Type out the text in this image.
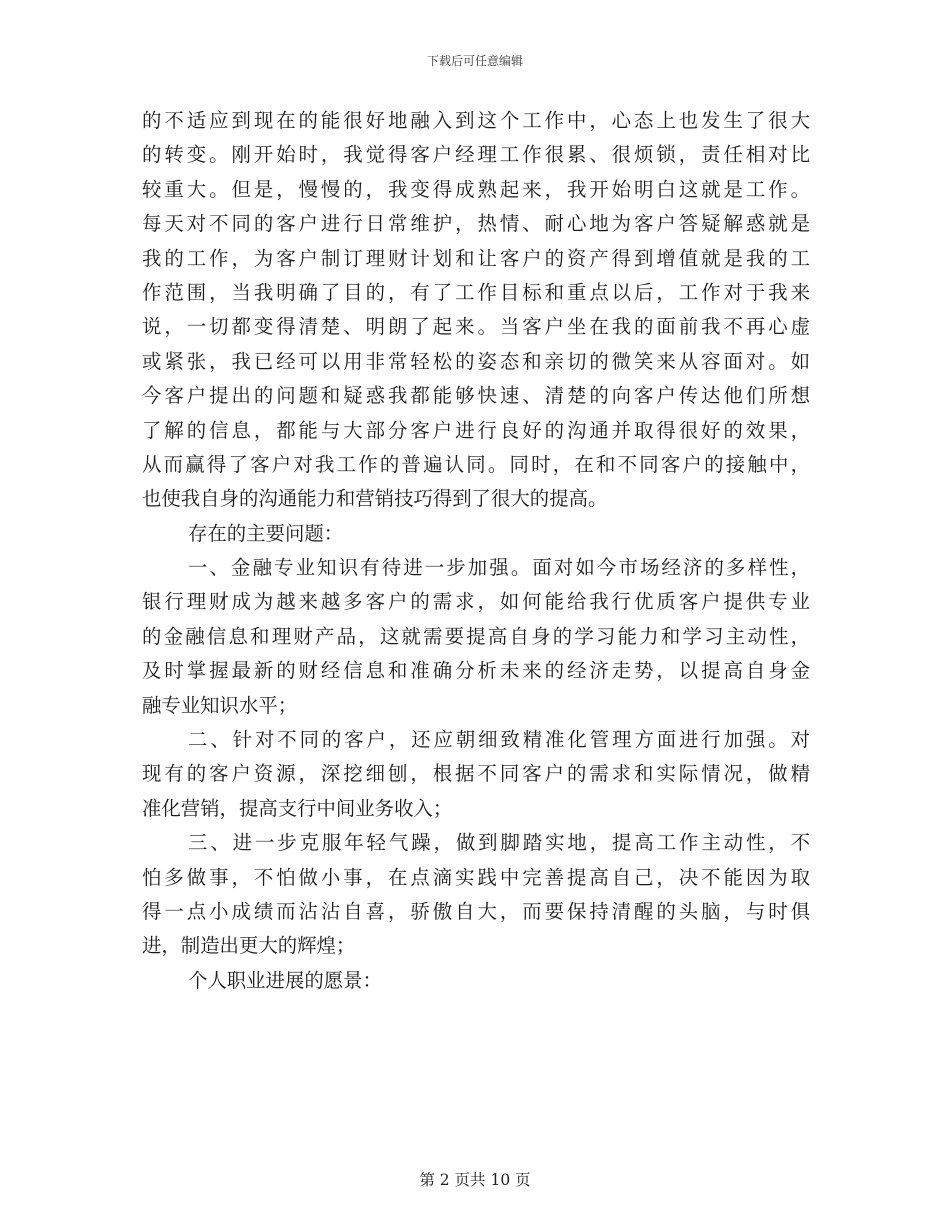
下载后可任意编辑
的不适应到现在的能很好地融入到这个工作中，心态上也发生了很大
的转变。刚开始时，我觉得客户经理工作很累、很烦锁，责任相对比
较重大。但是，慢慢的，我变得成熟起来，我开始明白这就是工作。
每天对不同的客户进行日常维护，热情、耐心地为客户答疑解惑就是
我的工作，为客户制订理财计划和让客户的资产得到增值就是我的工
作范围，当我明确了目的，有了工作目标和重点以后，工作对于我来
说，一切都变得清楚、明朗了起来。当客户坐在我的面前我不再心虚
或紧张，我已经可以用非常轻松的姿态和亲切的微笑来从容面对。如
今客户提出的问题和疑惑我都能够快速、清楚的向客户传达他们所想
了解的信息，都能与大部分客户进行良好的沟通并取得很好的效果，
从而赢得了客户对我工作的普遍认同。同时，在和不同客户的接触中，
也使我自身的沟通能力和营销技巧得到了很大的提高。
存在的主要问题：
一、金融专业知识有待进一步加强。面对如今市场经济的多样性，
银行理财成为越来越多客户的需求，如何能给我行优质客户提供专业
的金融信息和理财产品，这就需要提高自身的学习能力和学习主动性，
及时掌握最新的财经信息和准确分析未来的经济走势，以提高自身金
融专业知识水平；
二、针对不同的客户，还应朝细致精准化管理方面进行加强。对
现有的客户资源，深挖细刨，根据不同客户的需求和实际情况，做精
准化营销，提高支行中间业务收入；
三、进一步克服年轻气躁，做到脚踏实地，提高工作主动性，不
怕多做事，不怕做小事，在点滴实践中完善提高自己，决不能因为取
得一点小成绩而沾沾自喜，骄傲自大，而要保持清醒的头脑，与时俱
进，制造出更大的辉煌；
个人职业进展的愿景：
第 2 页共 10 页
